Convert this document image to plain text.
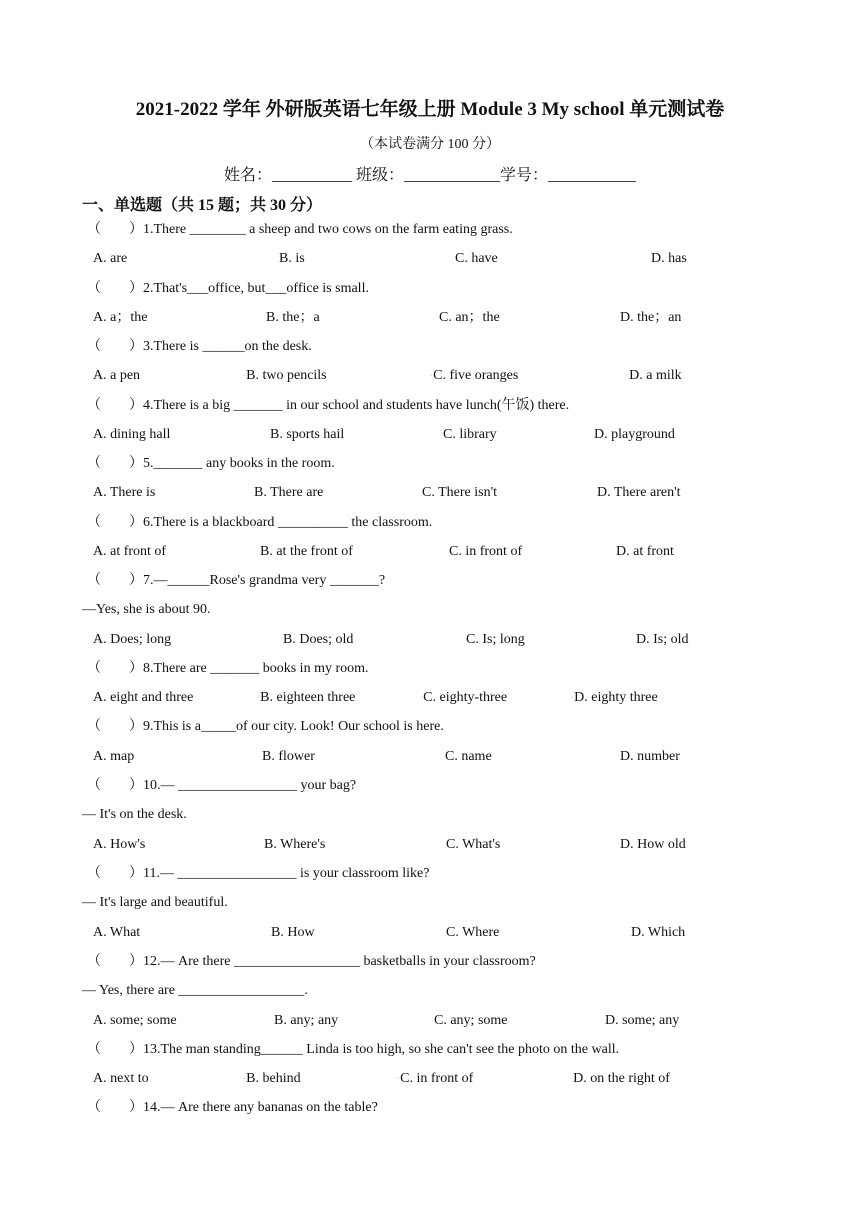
2021-2022 学年 外研版英语七年级上册 Module 3 My school 单元测试卷
（本试卷满分 100 分）
姓名：__________ 班级：____________学号：___________
一、单选题（共 15 题；共 30 分）
（　　）1.There ________ a sheep and two cows on the farm eating grass.
A. are	B. is	C. have	D. has
（　　）2.That's___office, but___office is small.
A. a；the	B. the；a	C. an；the	D. the；an
（　　）3.There is ______on the desk.
A. a pen	◦B. two pencils	◦C. five oranges	◦D. a milk
（　　）4.There is a big _______ in our school and students have lunch(午饭) there.
A. dining hall	B. sports hail	C. library	D. playground
（　　）5._______ any books in the room.
A. There is	B. There are	C. There isn't	D. There aren't
（　　）6.There is a blackboard __________ the classroom.
A. at front of	B. at the front of	C. in front of	D. at front
（　　）7.—______Rose's grandma very _______?
—Yes, she is about 90.
A. Does; long	B. Does; old	C. Is; long	D. Is; old
（　　）8.There are _______ books in my room.
A. eight and three	◦B. eighteen three	◦C. eighty-three	◦D. eighty three
（　　）9.This is a_____of our city. Look! Our school is here.
A. map	B. flower	C. name	D. number
（　　）10.— _________________ your bag?
— It's on the desk.
A. How's	B. Where's	C. What's	D. How old
（　　）11.— _________________ is your classroom like?
— It's large and beautiful.
A. What	B. How	C. Where	D. Which
（　　）12.— Are there __________________ basketballs in your classroom?
— Yes, there are __________________.
A. some; some	B. any; any	C. any; some	D. some; any
（　　）13.The man standing______ Linda is too high, so she can't see the photo on the wall.
A. next to	◦B. behind	◦C. in front of	◦D. on the right of
（　　）14.— Are there any bananas on the table?
